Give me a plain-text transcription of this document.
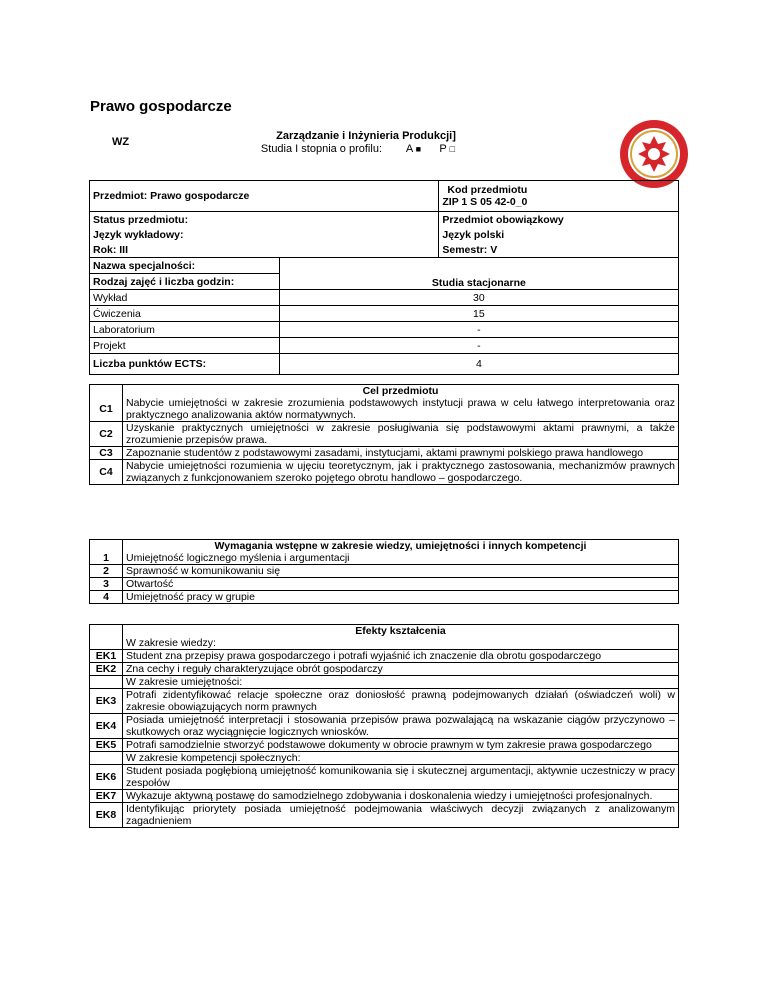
Prawo gospodarcze
WZ	Zarządzanie i Inżynieria Produkcji]
Studia I stopnia o profilu: A ■ P □
Przedmiot: Prawo gospodarcze		Kod przedmiotu
ZIP 1 S 05 42-0_0

Status przedmiotu:		Przedmiot obowiązkowy
Język wykładowy:		Język polski
Rok: III		Semestr: V
Nazwa specjalności:	Studia stacjonarne	
Rodzaj zajęć i liczba godzin:		
Wykład	30	
Ćwiczenia	15	
Laboratorium	-	
Projekt	-	
Liczba punktów ECTS:	4	
	Cel przedmiotu
C1	Nabycie umiejętności w zakresie zrozumienia podstawowych instytucji prawa w celu łatwego interpretowania oraz praktycznego analizowania aktów normatywnych.
C2	Uzyskanie praktycznych umiejętności w zakresie posługiwania się podstawowymi aktami prawnymi, a także zrozumienie przepisów prawa.
C3	Zapoznanie studentów z podstawowymi zasadami, instytucjami, aktami prawnymi polskiego prawa handlowego
C4	Nabycie umiejętności rozumienia w ujęciu teoretycznym, jak i praktycznego zastosowania, mechanizmów prawnych związanych z funkcjonowaniem szeroko pojętego obrotu handlowo – gospodarczego.
	Wymagania wstępne w zakresie wiedzy, umiejętności i innych kompetencji
1	Umiejętność logicznego myślenia i argumentacji
2	Sprawność w komunikowaniu się
3	Otwartość
4	Umiejętność pracy w grupie
	Efekty kształcenia
	W zakresie wiedzy:
EK1	Student zna przepisy prawa gospodarczego i potrafi wyjaśnić ich znaczenie dla obrotu gospodarczego
EK2	Zna cechy i reguły charakteryzujące obrót gospodarczy
	W zakresie umiejętności:
EK3	Potrafi zidentyfikować relacje społeczne oraz doniosłość prawną podejmowanych działań (oświadczeń woli) w zakresie obowiązujących norm prawnych
EK4	Posiada umiejętność interpretacji i stosowania przepisów prawa pozwalającą na wskazanie ciągów przyczynowo – skutkowych oraz wyciągnięcie logicznych wniosków.
EK5	Potrafi samodzielnie stworzyć podstawowe dokumenty w obrocie prawnym w tym zakresie prawa gospodarczego
	W zakresie kompetencji społecznych:
EK6	Student posiada pogłębioną umiejętność komunikowania się i skutecznej argumentacji, aktywnie uczestniczy w pracy zespołów
EK7	Wykazuje aktywną postawę do samodzielnego zdobywania i doskonalenia wiedzy i umiejętności profesjonalnych.
EK8	Identyfikując priorytety posiada umiejętność podejmowania właściwych decyzji związanych z analizowanym zagadnieniem
